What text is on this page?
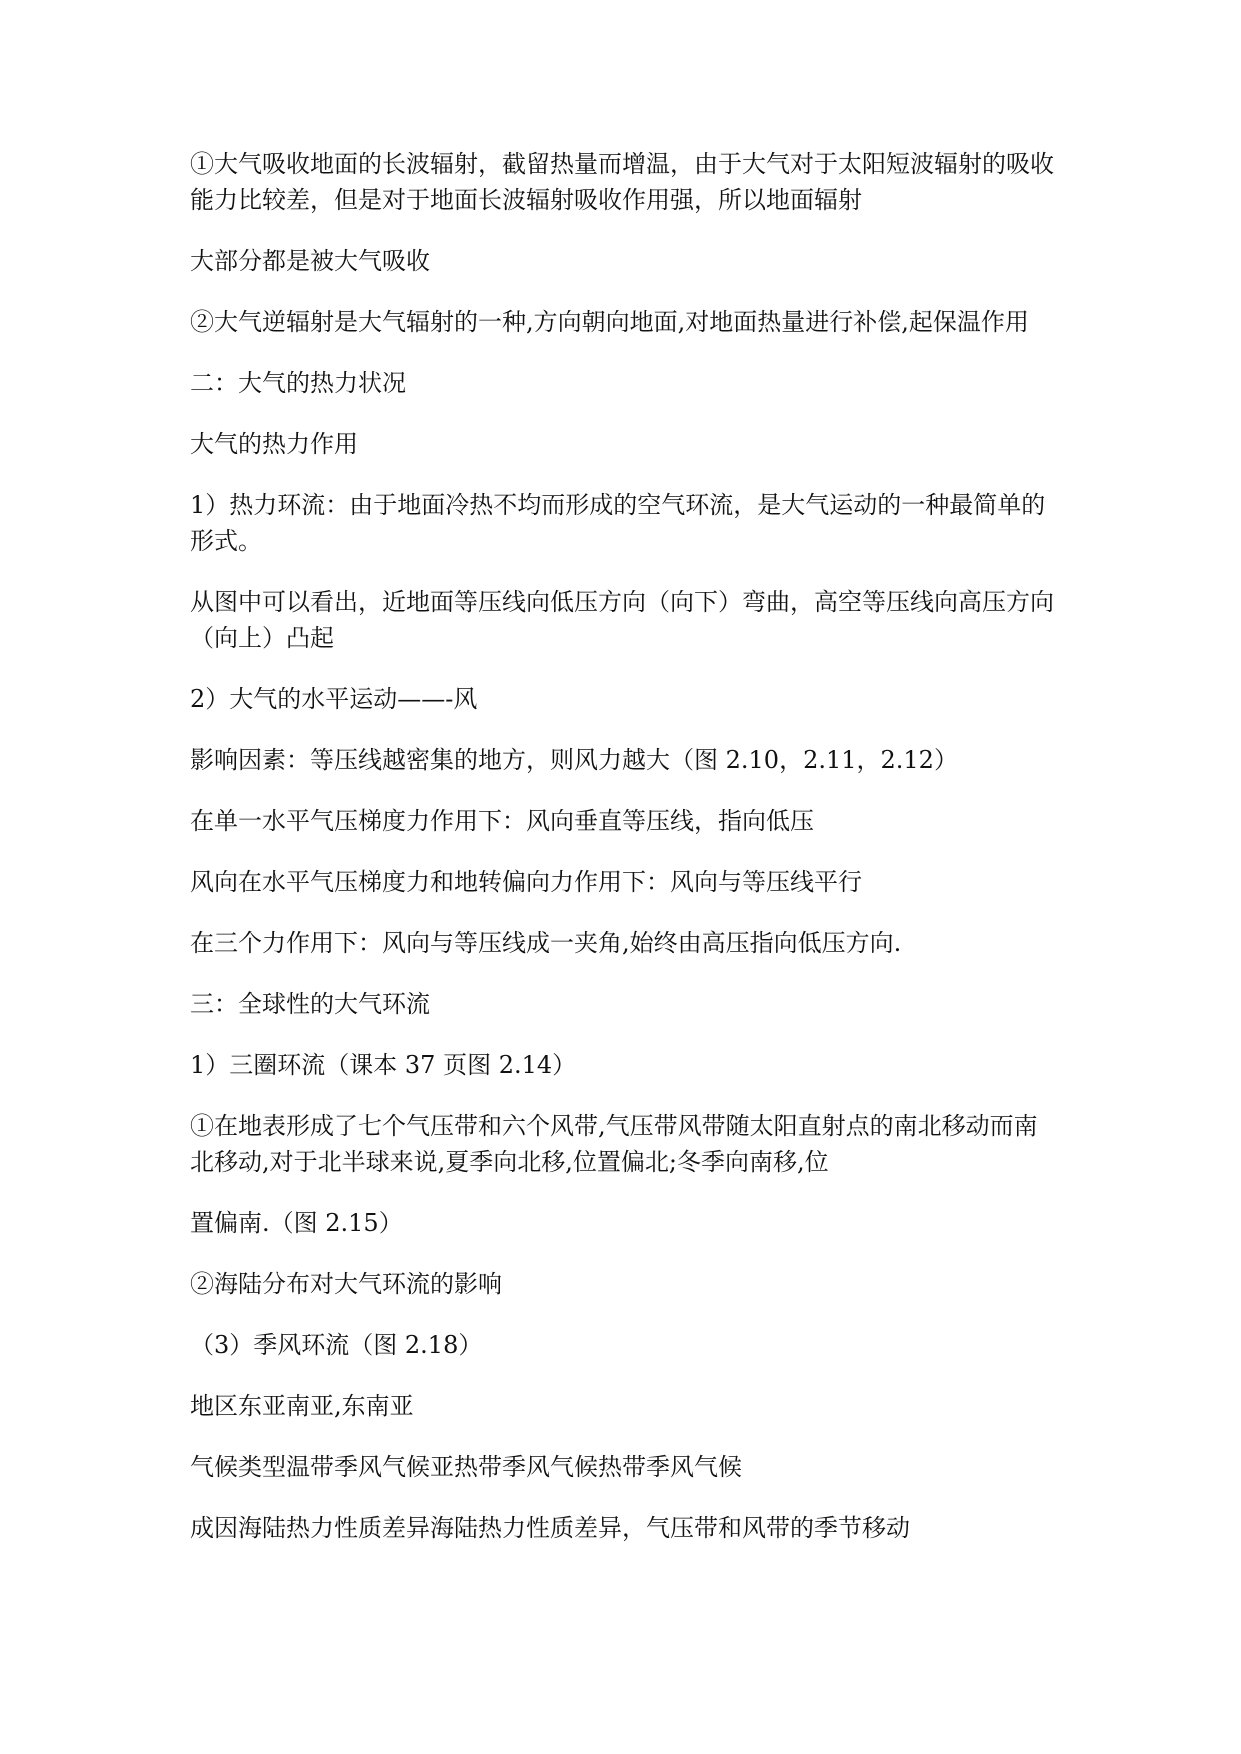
①大气吸收地面的长波辐射，截留热量而增温，由于大气对于太阳短波辐射的吸收能力比较差，但是对于地面长波辐射吸收作用强，所以地面辐射

大部分都是被大气吸收

②大气逆辐射是大气辐射的一种,方向朝向地面,对地面热量进行补偿,起保温作用

二：大气的热力状况

大气的热力作用

1）热力环流：由于地面冷热不均而形成的空气环流，是大气运动的一种最简单的形式。

从图中可以看出，近地面等压线向低压方向（向下）弯曲，高空等压线向高压方向（向上）凸起

2）大气的水平运动——-风

影响因素：等压线越密集的地方，则风力越大（图 2.10，2.11，2.12）

在单一水平气压梯度力作用下：风向垂直等压线，指向低压

风向在水平气压梯度力和地转偏向力作用下：风向与等压线平行

在三个力作用下：风向与等压线成一夹角,始终由高压指向低压方向.

三：全球性的大气环流

1）三圈环流（课本 37 页图 2.14）

①在地表形成了七个气压带和六个风带,气压带风带随太阳直射点的南北移动而南北移动,对于北半球来说,夏季向北移,位置偏北;冬季向南移,位

置偏南.（图 2.15）

②海陆分布对大气环流的影响

（3）季风环流（图 2.18）

地区东亚南亚,东南亚

气候类型温带季风气候亚热带季风气候热带季风气候

成因海陆热力性质差异海陆热力性质差异，气压带和风带的季节移动
